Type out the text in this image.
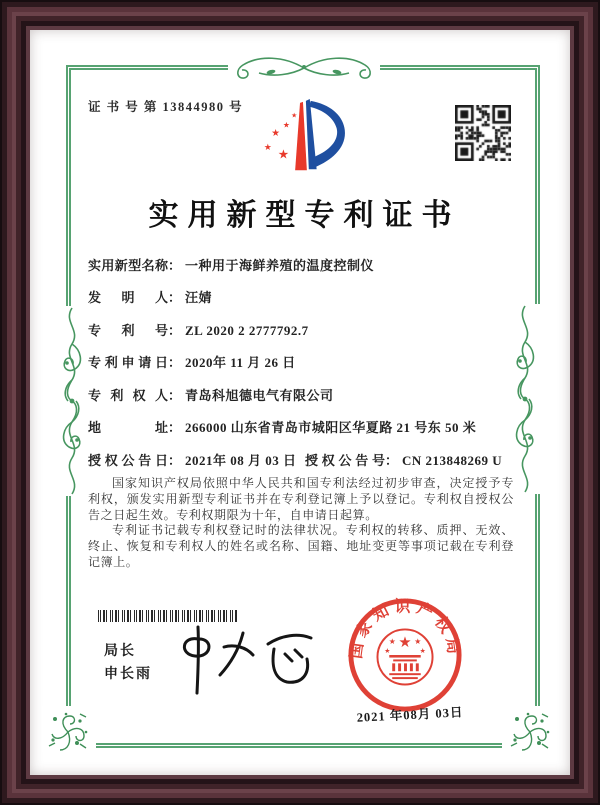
证 书 号 第 13844980 号
★
★
★
★
★
实用新型专利证书
实用新型名称： 一种用于海鲜养殖的温度控制仪
发明人： 汪婧
专利号： ZL 2020 2 2777792.7
专利申请日： 2020年 11 月 26 日
专利权人： 青岛科旭德电气有限公司
地址： 266000 山东省青岛市城阳区华夏路 21 号东 50 米
授权公告日： 2021年 08 月 03 日 授权公告号： CN 213848269 U

国家知识产权局依照中华人民共和国专利法经过初步审查，决定授予专利权，颁发实用新型专利证书并在专利登记簿上予以登记。专利权自授权公告之日起生效。专利权期限为十年，自申请日起算。

专利证书记载专利权登记时的法律状况。专利权的转移、质押、无效、终止、恢复和专利权人的姓名或名称、国籍、地址变更等事项记载在专利登记簿上。

局长
申长雨
国家知识产权局
★
★ ★
★	★
2021 年08月 03日
